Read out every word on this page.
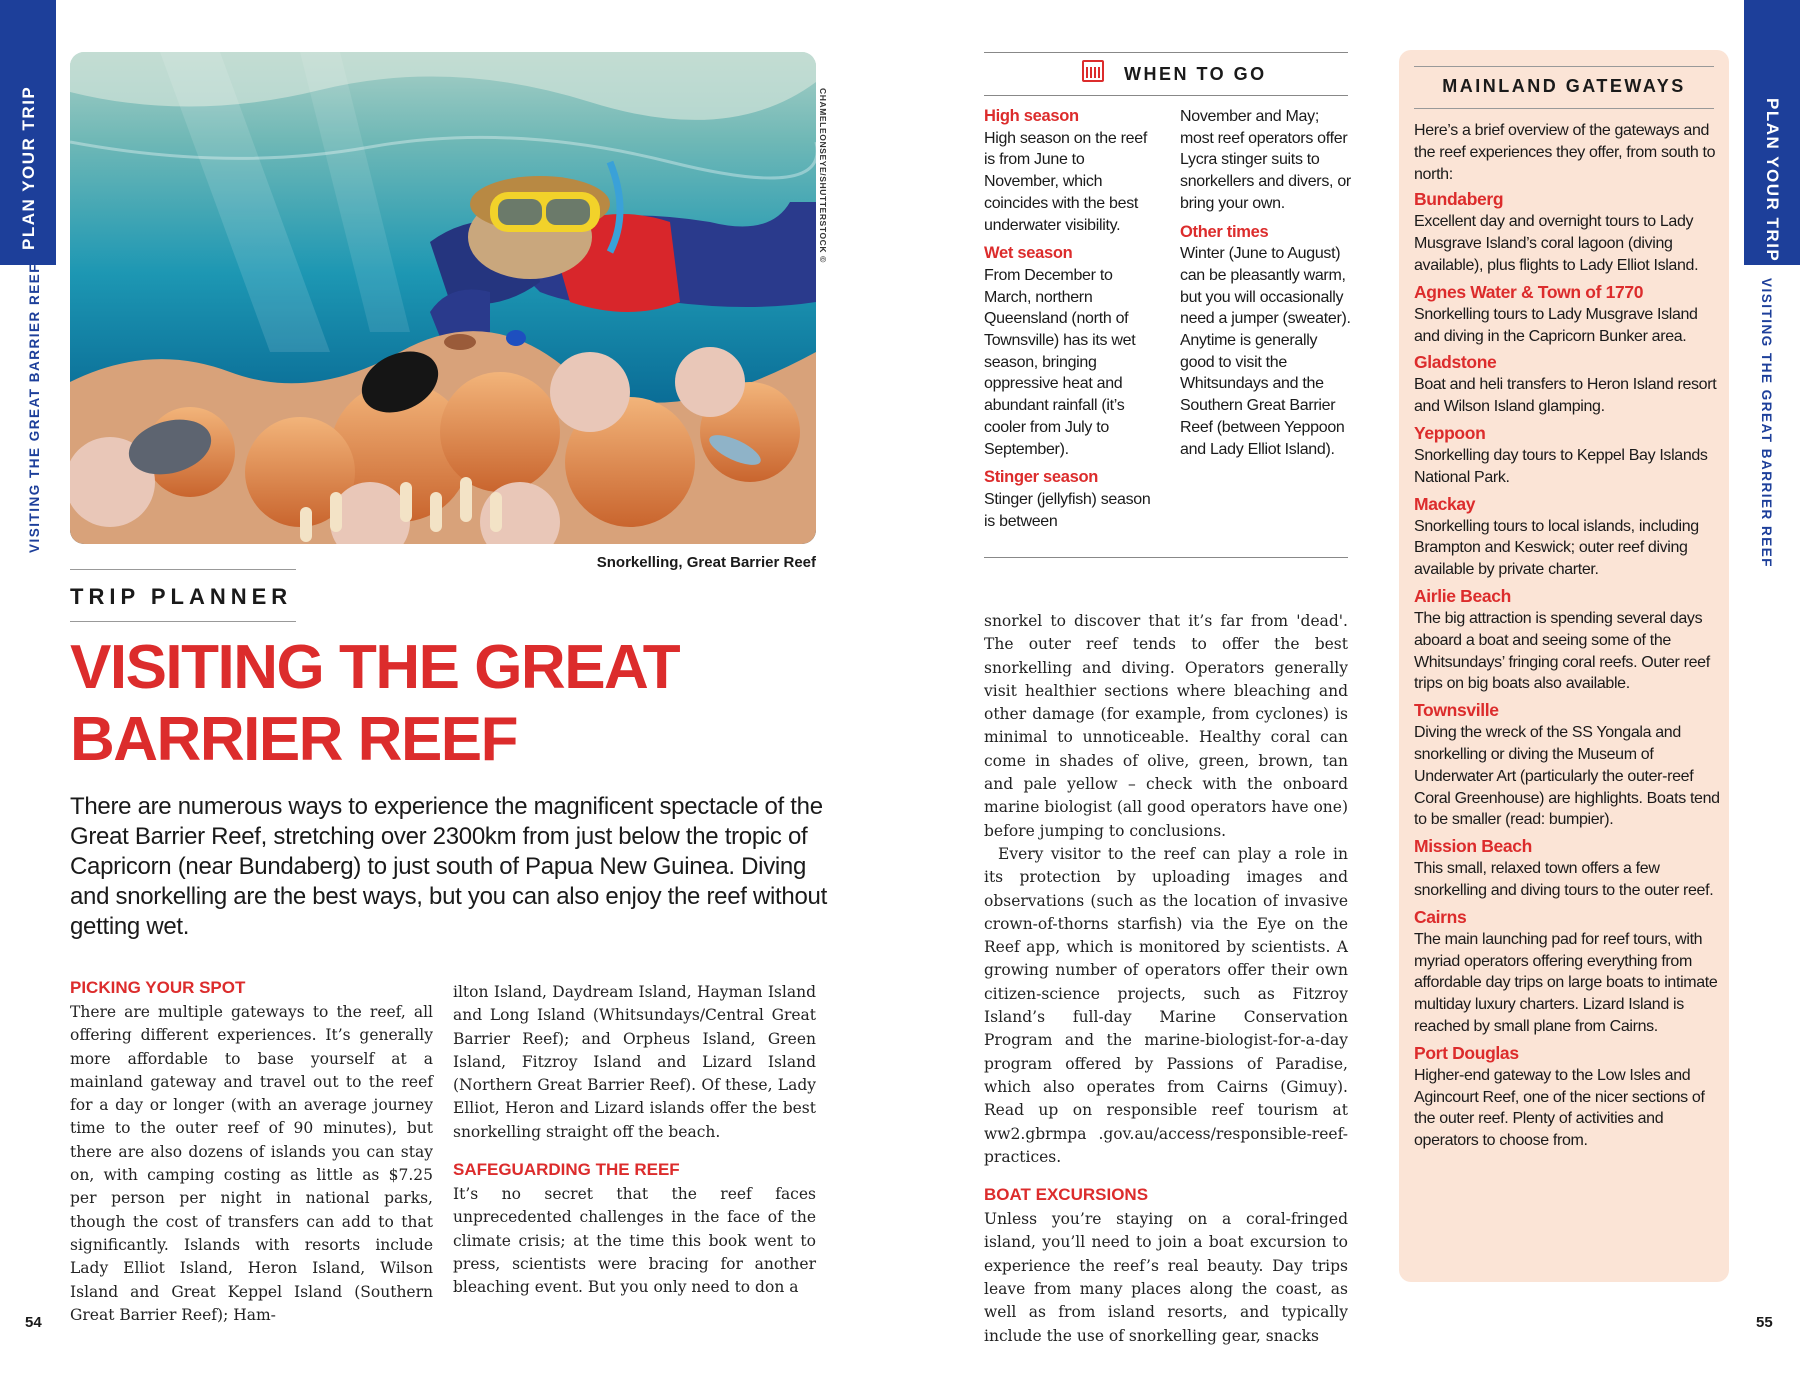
PLAN YOUR TRIP
VISITING THE GREAT BARRIER REEF
PLAN YOUR TRIP
VISITING THE GREAT BARRIER REEF
54	55
CHAMELEONSEYE/SHUTTERSTOCK ©
Snorkelling, Great Barrier Reef
TRIP PLANNER
VISITING THE GREAT
BARRIER REEF
There are numerous ways to experience the magnificent spectacle of the Great Barrier Reef, stretching over 2300km from just below the tropic of Capricorn (near Bundaberg) to just south of Papua New Guinea. Diving and snorkelling are the best ways, but you can also enjoy the reef without getting wet.
PICKING YOUR SPOT
There are multiple gateways to the reef, all offering different experiences. It’s generally more affordable to base yourself at a mainland gateway and travel out to the reef for a day or longer (with an average journey time to the outer reef of 90 minutes), but there are also dozens of islands you can stay on, with camping costing as little as $7.25 per person per night in national parks, though the cost of transfers can add to that significantly. Islands with resorts include Lady Elliot Island, Heron Island, Wilson Island and Great Keppel Island (Southern Great Barrier Reef); Ham-
ilton Island, Daydream Island, Hayman Island and Long Island (Whitsundays/Central Great Barrier Reef); and Orpheus Island, Green Island, Fitzroy Island and Lizard Island (Northern Great Barrier Reef). Of these, Lady Elliot, Heron and Lizard islands offer the best snorkelling straight off the beach.
SAFEGUARDING THE REEF
It’s no secret that the reef faces unprecedented challenges in the face of the climate crisis; at the time this book went to press, scientists were bracing for another bleaching event. But you only need to don a
WHEN TO GO
High season
High season on the reef is from June to November, which coincides with the best underwater visibility.
Wet season
From December to March, northern Queensland (north of Townsville) has its wet season, bringing oppressive heat and abundant rainfall (it’s cooler from July to September).
Stinger season
Stinger (jellyfish) season is between
November and May; most reef operators offer Lycra stinger suits to snorkellers and divers, or bring your own.
Other times
Winter (June to August) can be pleasantly warm, but you will occasionally need a jumper (sweater). Anytime is generally good to visit the Whitsundays and the Southern Great Barrier Reef (between Yeppoon and Lady Elliot Island).
snorkel to discover that it’s far from 'dead'. The outer reef tends to offer the best snorkelling and diving. Operators generally visit healthier sections where bleaching and other damage (for example, from cyclones) is minimal to unnoticeable. Healthy coral can come in shades of olive, green, brown, tan and pale yellow – check with the onboard marine biologist (all good operators have one) before jumping to conclusions.
Every visitor to the reef can play a role in its protection by uploading images and observations (such as the location of invasive crown-of-thorns starfish) via the Eye on the Reef app, which is monitored by scientists. A growing number of operators offer their own citizen-science projects, such as Fitzroy Island’s full-day Marine Conservation Program and the marine-biologist-for-a-day program offered by Passions of Paradise, which also operates from Cairns (Gimuy). Read up on responsible reef tourism at ww2.gbrmpa .gov.au/access/responsible-reef-practices.
BOAT EXCURSIONS
Unless you’re staying on a coral-fringed island, you’ll need to join a boat excursion to experience the reef’s real beauty. Day trips leave from many places along the coast, as well as from island resorts, and typically include the use of snorkelling gear, snacks
MAINLAND GATEWAYS
Here’s a brief overview of the gateways and the reef experiences they offer, from south to north:
Bundaberg
Excellent day and overnight tours to Lady Musgrave Island’s coral lagoon (diving available), plus flights to Lady Elliot Island.
Agnes Water & Town of 1770
Snorkelling tours to Lady Musgrave Island and diving in the Capricorn Bunker area.
Gladstone
Boat and heli transfers to Heron Island resort and Wilson Island glamping.
Yeppoon
Snorkelling day tours to Keppel Bay Islands National Park.
Mackay
Snorkelling tours to local islands, including Brampton and Keswick; outer reef diving available by private charter.
Airlie Beach
The big attraction is spending several days aboard a boat and seeing some of the Whitsundays’ fringing coral reefs. Outer reef trips on big boats also available.
Townsville
Diving the wreck of the SS Yongala and snorkelling or diving the Museum of Underwater Art (particularly the outer-reef Coral Greenhouse) are highlights. Boats tend to be smaller (read: bumpier).
Mission Beach
This small, relaxed town offers a few snorkelling and diving tours to the outer reef.
Cairns
The main launching pad for reef tours, with myriad operators offering everything from affordable day trips on large boats to intimate multiday luxury charters. Lizard Island is reached by small plane from Cairns.
Port Douglas
Higher-end gateway to the Low Isles and Agincourt Reef, one of the nicer sections of the outer reef. Plenty of activities and operators to choose from.
